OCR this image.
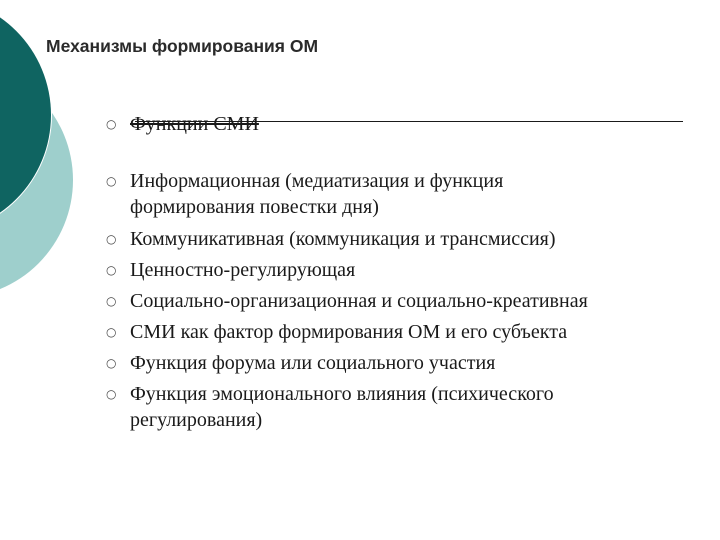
Механизмы формирования ОМ
○ Функции СМИ
○ Информационная (медиатизация и функция формирования повестки дня)
○ Коммуникативная (коммуникация и трансмиссия)
○ Ценностно-регулирующая
○ Социально-организационная и социально-креативная
○ СМИ как фактор формирования ОМ и его субъекта
○ Функция форума или социального участия
○ Функция эмоционального влияния (психического регулирования)
